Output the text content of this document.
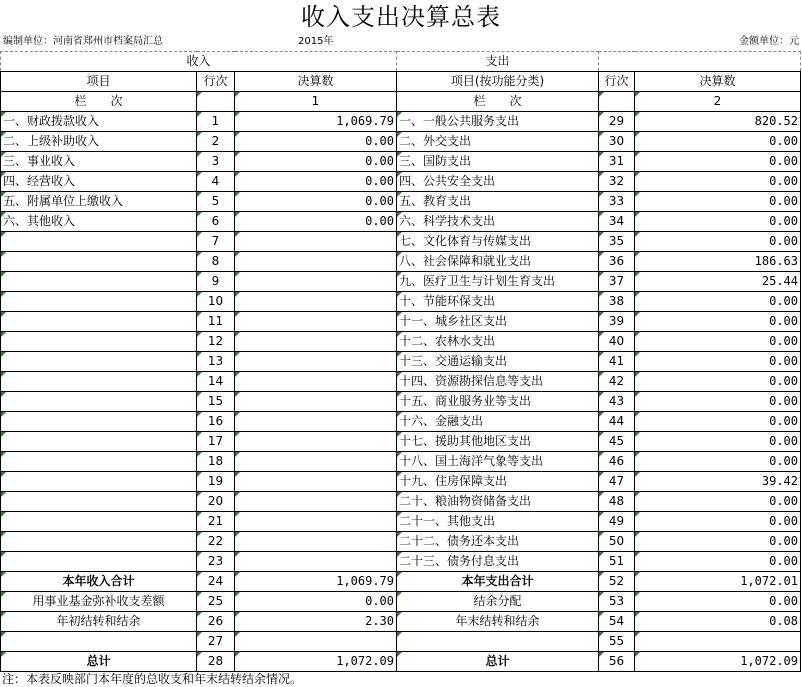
收入支出决算总表
编制单位：河南省郑州市档案局汇总	2015年	金额单位：元
收入			支出		
项目	行次	决算数	项目(按功能分类)	行次	决算数
栏　　次		1	栏　　次		2
一、财政拨款收入	1	1,069.79	一、一般公共服务支出	29	820.52
二、上级补助收入	2	0.00	二、外交支出	30	0.00
三、事业收入	3	0.00	三、国防支出	31	0.00
四、经营收入	4	0.00	四、公共安全支出	32	0.00
五、附属单位上缴收入	5	0.00	五、教育支出	33	0.00
六、其他收入	6	0.00	六、科学技术支出	34	0.00
	7		七、文化体育与传媒支出	35	0.00
	8		八、社会保障和就业支出	36	186.63
	9		九、医疗卫生与计划生育支出	37	25.44
	10		十、节能环保支出	38	0.00
	11		十一、城乡社区支出	39	0.00
	12		十二、农林水支出	40	0.00
	13		十三、交通运输支出	41	0.00
	14		十四、资源勘探信息等支出	42	0.00
	15		十五、商业服务业等支出	43	0.00
	16		十六、金融支出	44	0.00
	17		十七、援助其他地区支出	45	0.00
	18		十八、国土海洋气象等支出	46	0.00
	19		十九、住房保障支出	47	39.42
	20		二十、粮油物资储备支出	48	0.00
	21		二十一、其他支出	49	0.00
	22		二十二、债务还本支出	50	0.00
	23		二十三、债务付息支出	51	0.00
本年收入合计	24	1,069.79	本年支出合计	52	1,072.01
用事业基金弥补收支差额	25	0.00	结余分配	53	0.00
年初结转和结余	26	2.30	年末结转和结余	54	0.08
	27			55	
总计	28	1,072.09	总计	56	1,072.09
注：本表反映部门本年度的总收支和年末结转结余情况。
